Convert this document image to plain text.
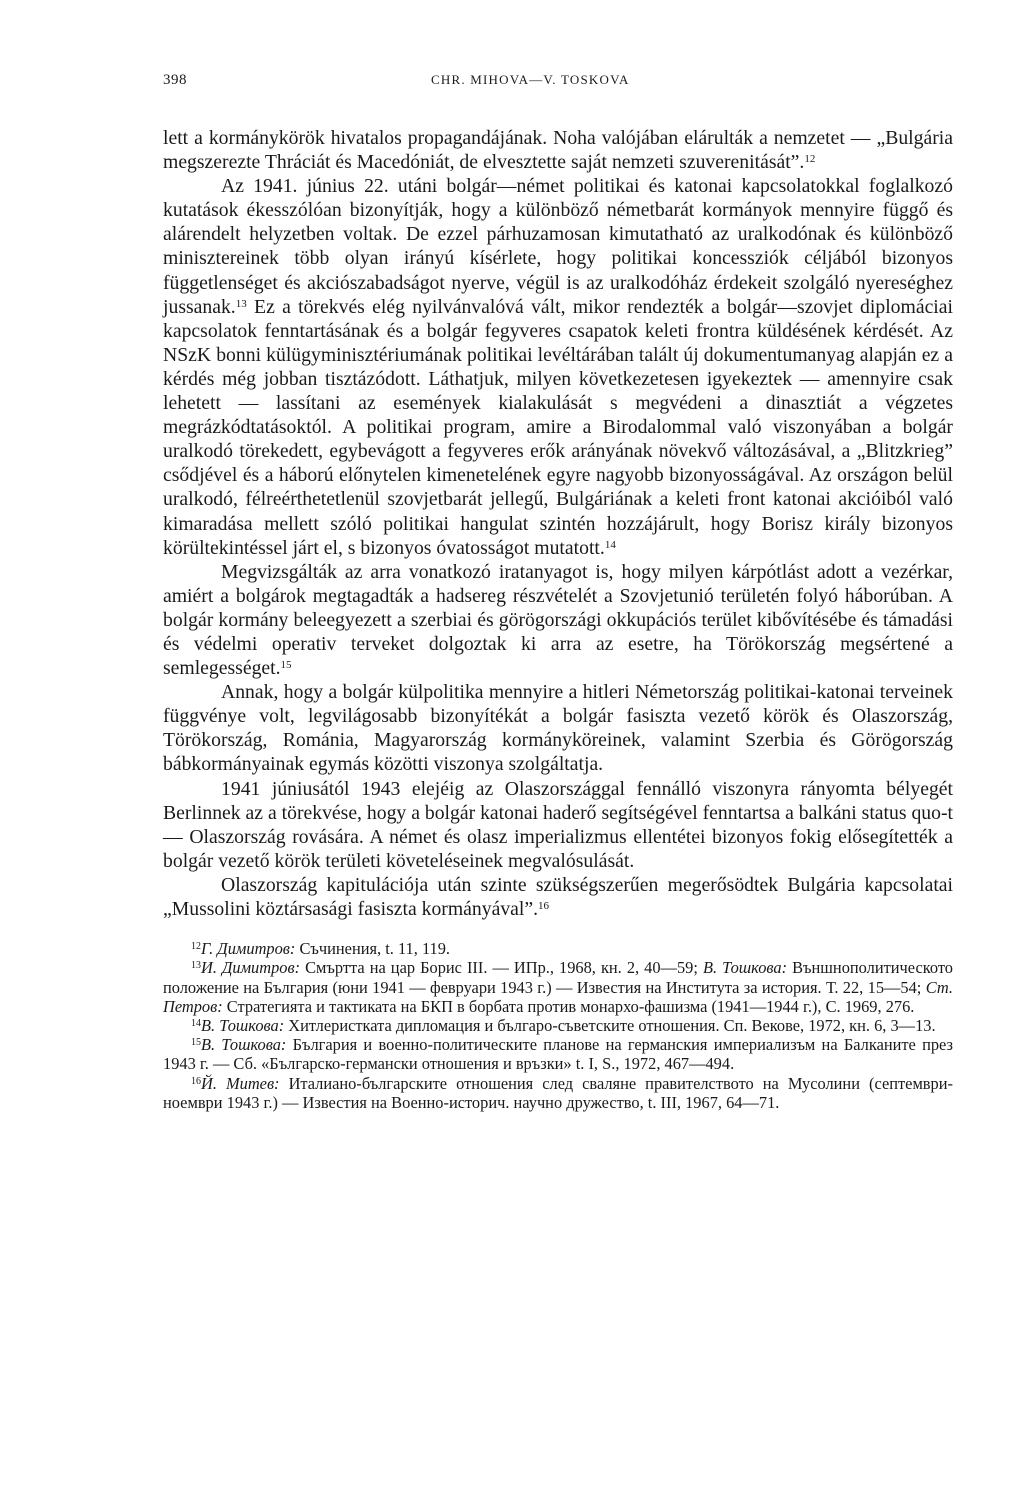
398	CHR. MIHOVA—V. TOSKOVA

lett a kormánykörök hivatalos propagandájának. Noha valójában elárulták a nemzetet — „Bulgária megszerezte Thráciát és Macedóniát, de elvesztette saját nemzeti szuverenitását”.$^{12}$

Az 1941. június 22. utáni bolgár—német politikai és katonai kapcsolatokkal foglalkozó kutatások ékesszólóan bizonyítják, hogy a különböző németbarát kormányok mennyire függő és alárendelt helyzetben voltak. De ezzel párhuzamosan kimutatható az uralkodónak és különböző minisztereinek több olyan irányú kísérlete, hogy politikai koncessziók céljából bizonyos függetlenséget és akciószabadságot nyerve, végül is az uralkodóház érdekeit szolgáló nyereséghez jussanak.$^{13}$ Ez a törekvés elég nyilvánvalóvá vált, mikor rendezték a bolgár—szovjet diplomáciai kapcsolatok fenntartásának és a bolgár fegyveres csapatok keleti frontra küldésének kérdését. Az NSzK bonni külügyminisztériumának politikai levéltárában talált új dokumentumanyag alapján ez a kérdés még jobban tisztázódott. Láthatjuk, milyen következetesen igyekeztek — amennyire csak lehetett — lassítani az események kialakulását s megvédeni a dinasztiát a végzetes megrázkódtatásoktól. A politikai program, amire a Birodalommal való viszonyában a bolgár uralkodó törekedett, egybevágott a fegyveres erők arányának növekvő változásával, a „Blitzkrieg” csődjével és a háború előnytelen kimenetelének egyre nagyobb bizonyosságával. Az országon belül uralkodó, félreérthetetlenül szovjetbarát jellegű, Bulgáriának a keleti front katonai akcióiból való kimaradása mellett szóló politikai hangulat szintén hozzájárult, hogy Borisz király bizonyos körültekintéssel járt el, s bizonyos óvatosságot mutatott.$^{14}$

Megvizsgálták az arra vonatkozó iratanyagot is, hogy milyen kárpótlást adott a vezérkar, amiért a bolgárok megtagadták a hadsereg részvételét a Szovjetunió területén folyó háborúban. A bolgár kormány beleegyezett a szerbiai és görögországi okkupációs terület kibővítésébe és támadási és védelmi operativ terveket dolgoztak ki arra az esetre, ha Törökország megsértené a semlegességet.$^{15}$

Annak, hogy a bolgár külpolitika mennyire a hitleri Németország politikai-katonai terveinek függvénye volt, legvilágosabb bizonyítékát a bolgár fasiszta vezető körök és Olaszország, Törökország, Románia, Magyarország kormányköreinek, valamint Szerbia és Görögország bábkormányainak egymás közötti viszonya szolgáltatja.

1941 júniusától 1943 elejéig az Olaszországgal fennálló viszonyra rányomta bélyegét Berlinnek az a törekvése, hogy a bolgár katonai haderő segítségével fenntartsa a balkáni status quo-t — Olaszország rovására. A német és olasz imperializmus ellentétei bizonyos fokig elősegítették a bolgár vezető körök területi követeléseinek megvalósulását.

Olaszország kapitulációja után szinte szükségszerűen megerősödtek Bulgária kapcsolatai „Mussolini köztársasági fasiszta kormányával”.$^{16}$

$^{12}$Г. Димитров: Съчинения, t. 11, 119.

$^{13}$И. Димитров: Смъртта на цар Борис III. — ИПр., 1968, кн. 2, 40—59; В. Тошкова: Външнополитическото положение на България (юни 1941 — февруари 1943 г.) — Известия на Института за история. Т. 22, 15—54; Ст. Петров: Стратегията и тактиката на БКП в борбата против монархо-фашизма (1941—1944 г.), С. 1969, 276.

$^{14}$В. Тошкова: Хитлеристката дипломация и българо-съветските отношения. Сп. Векове, 1972, кн. 6, 3—13.

$^{15}$В. Тошкова: България и военно-политическите планове на германския империализъм на Балканите през 1943 г. — Сб. «Българско-германски отношения и връзки» t. I, S., 1972, 467—494.

$^{16}$Й. Митев: Италиано-българските отношения след сваляне правителството на Мусолини (септември-ноември 1943 г.) — Известия на Военно-историч. научно дружество, t. III, 1967, 64—71.
